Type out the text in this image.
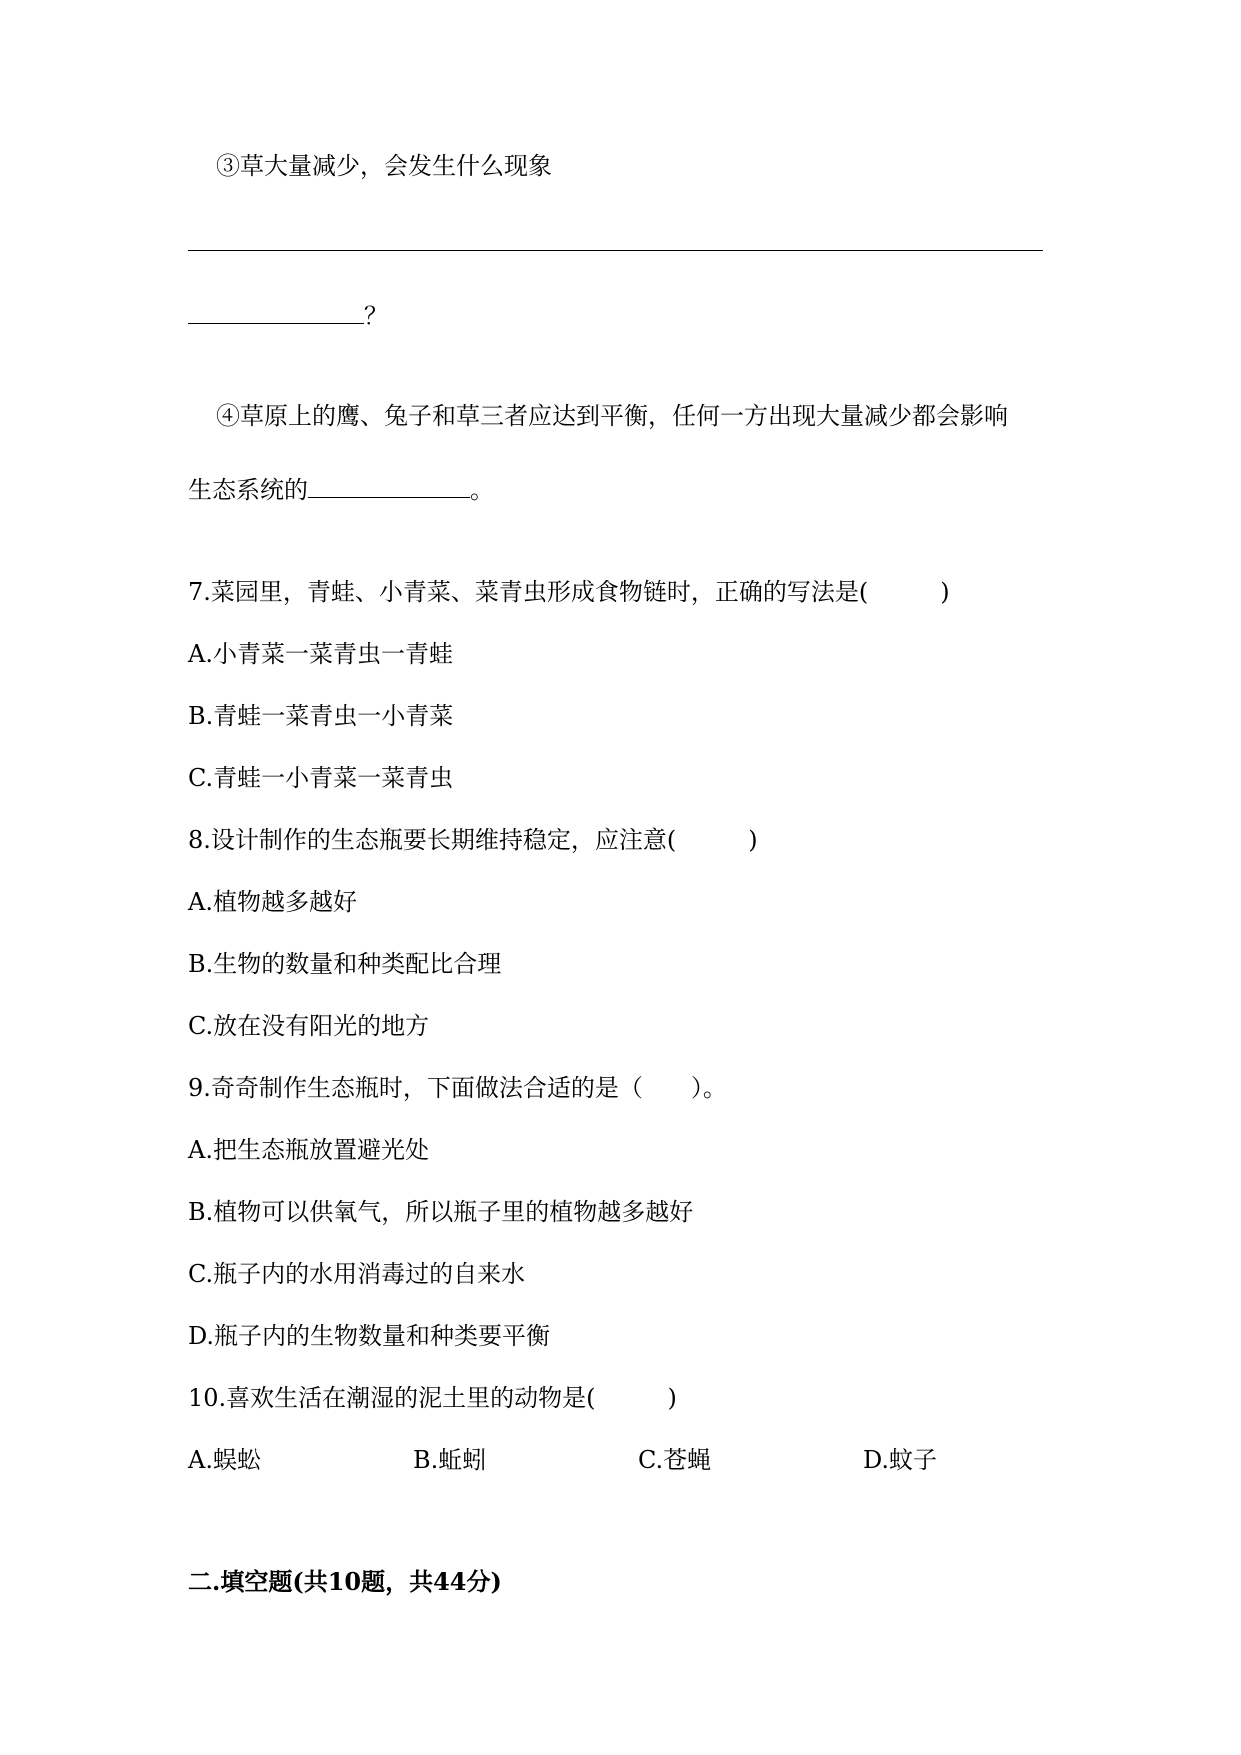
③草大量减少，会发生什么现象
？
④草原上的鹰、兔子和草三者应达到平衡，任何一方出现大量减少都会影响
生态系统的	。
7.菜园里，青蛙、小青菜、菜青虫形成食物链时，正确的写法是(　　　)
A.小青菜一菜青虫一青蛙
B.青蛙一菜青虫一小青菜
C.青蛙一小青菜一菜青虫
8.设计制作的生态瓶要长期维持稳定，应注意(　　　)
A.植物越多越好
B.生物的数量和种类配比合理
C.放在没有阳光的地方
9.奇奇制作生态瓶时，下面做法合适的是（　　）。
A.把生态瓶放置避光处
B.植物可以供氧气，所以瓶子里的植物越多越好
C.瓶子内的水用消毒过的自来水
D.瓶子内的生物数量和种类要平衡
10.喜欢生活在潮湿的泥土里的动物是(　　　)
A.蜈蚣	B.蚯蚓	C.苍蝇	D.蚊子
二.填空题(共10题，共44分)
